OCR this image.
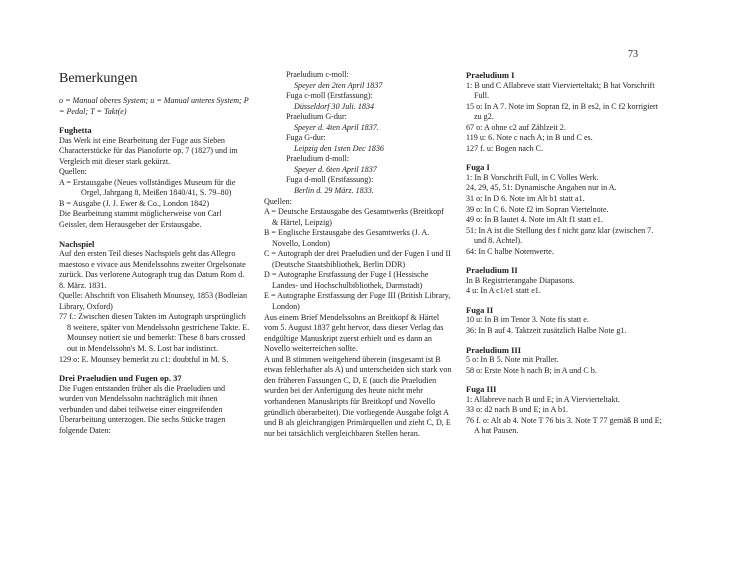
73
Bemerkungen

o = Manual oberes System; u = Manual unteres System; P = Pedal; T = Takt(e)

Fughetta

Das Werk ist eine Bearbeitung der Fuge aus Sieben Characterstücke für das Pianoforte op. 7 (1827) und im Vergleich mit dieser stark gekürzt.

Quellen:

A = Erstausgabe (Neues vollständiges Museum für die Orgel, Jahrgang 8, Meißen 1840/41, S. 79–80)

B = Ausgabe (J. J. Ewer & Co., London 1842)

Die Bearbeitung stammt möglicherweise von Carl Geissler, dem Herausgeber der Erstausgabe.

Nachspiel

Auf den ersten Teil dieses Nachspiels geht das Allegro maestoso e vivace aus Mendelssohns zweiter Orgelsonate zurück. Das verlorene Autograph trug das Datum Rom d. 8. März. 1831.

Quelle: Abschrift von Elisabeth Mounsey, 1853 (Bodleian Library, Oxford)

77 f.: Zwischen diesen Takten im Autograph ursprünglich 8 weitere, später von Mendelssohn gestrichene Takte. E. Mounsey notiert sie und bemerkt: These 8 bars crossed out in Mendelssohn's M. S. Lost bar indistinct.

129 o: E. Mounsey bemerkt zu c1: doubtful in M. S.

Drei Praeludien und Fugen op. 37

Die Fugen entstanden früher als die Praeludien und wurden von Mendelssohn nachträglich mit ihnen verbunden und dabei teilweise einer eingreifenden Überarbeitung unterzogen. Die sechs Stücke tragen folgende Daten:

Praeludium c-moll:

Speyer den 2ten April 1837

Fuga c-moll (Erstfassung):

Düsseldorf 30 Juli. 1834

Praeludium G-dur:

Speyer d. 4ten April 1837.

Fuga G-dur:

Leipzig den 1sten Dec 1836

Praeludium d-moll:

Speyer d. 6ten April 1837

Fuga d-moll (Erstfassung):

Berlin d. 29 März. 1833.

Quellen:

A = Deutsche Erstausgabe des Gesamtwerks (Breitkopf & Härtel, Leipzig)

B = Englische Erstausgabe des Gesamtwerks (J. A. Novello, London)

C = Autograph der drei Praeludien und der Fugen I und II (Deutsche Staatsbibliothek, Berlin DDR)

D = Autographe Erstfassung der Fuge I (Hessische Landes- und Hochschulbibliothek, Darmstadt)

E = Autographe Erstfassung der Fuge III (British Library, London)

Aus einem Brief Mendelssohns an Breitkopf & Härtel vom 5. August 1837 geht hervor, dass dieser Verlag das endgültige Manuskript zuerst erhielt und es dann an Novello weiterreichen sollte.

A und B stimmen weitgehend überein (insgesamt ist B etwas fehlerhafter als A) und unterscheiden sich stark von den früheren Fassungen C, D, E (auch die Praeludien wurden bei der Anfertigung des heute nicht mehr vorhandenen Manuskripts für Breitkopf und Novello gründlich überarbeitet). Die vorliegende Ausgabe folgt A und B als gleichrangigen Primärquellen und zieht C, D, E nur bei tatsächlich vergleichbaren Stellen heran.

Praeludium I

1: B und C Allabreve statt Viervierteltakt; B hat Vorschrift Full.

15 o: In A 7. Note im Sopran f2, in B es2, in C f2 korrigiert zu g2.

67 o: A ohne c2 auf Zählzeit 2.

119 u: 6. Note c nach A; in B und C es.

127 f. u: Bogen nach C.

Fuga I

1: In B Vorschrift Full, in C Volles Werk.

24, 29, 45, 51: Dynamische Angaben nur in A.

31 o: In D 6. Note im Alt b1 statt a1.

39 o: In C 6. Note f2 im Sopran Viertelnote.

49 o: In B lautet 4. Note im Alt f1 statt e1.

51: In A ist die Stellung des f nicht ganz klar (zwischen 7. und 8. Achtel).

64: In C halbe Notenwerte.

Praeludium II

In B Registrierangabe Diapasons.

4 u: In A c1/e1 statt e1.

Fuga II

10 u: In B im Tenor 3. Note fis statt e.

36: In B auf 4. Taktzeit zusätzlich Halbe Note g1.

Praeludium III

5 o: In B 5. Note mit Praller.

58 o: Erste Note h nach B; in A und C b.

Fuga III

1: Allabreve nach B und E; in A Viervierteltakt.

33 o: d2 nach B und E; in A b1.

76 f. o: Alt ab 4. Note T 76 bis 3. Note T 77 gemäß B und E; A hat Pausen.
